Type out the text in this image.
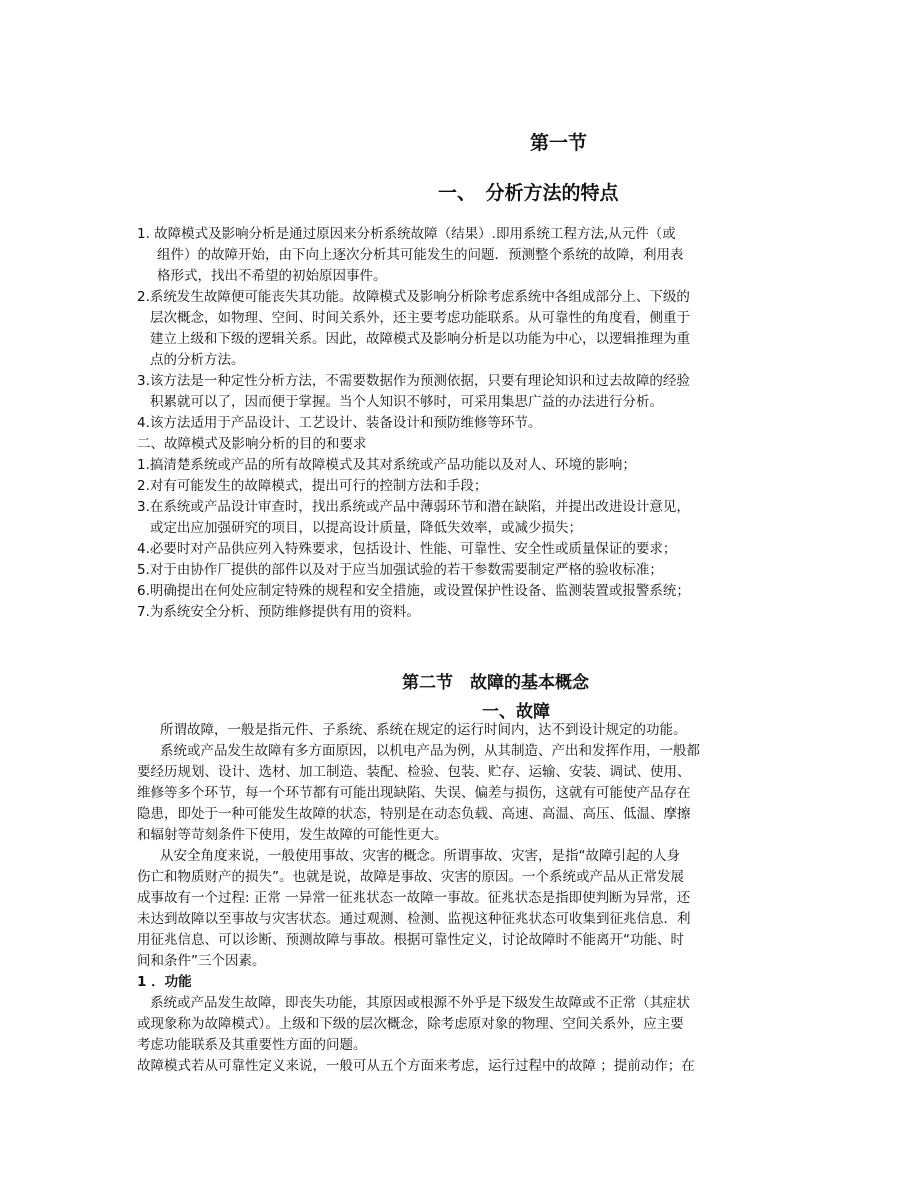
第一节
一、　分析方法的特点
1. 故障模式及影响分析是通过原因来分析系统故障（结果）.即用系统工程方法,从元件（或
组件）的故障开始，由下向上逐次分析其可能发生的问题．预测整个系统的故障，利用表
格形式，找出不希望的初始原因事件。
2.系统发生故障便可能丧失其功能。故障模式及影响分析除考虑系统中各组成部分上、下级的
层次概念，如物理、空间、时间关系外，还主要考虑功能联系。从可靠性的角度看，侧重于
建立上级和下级的逻辑关系。因此，故障模式及影响分析是以功能为中心，以逻辑推理为重
点的分析方法。
3.该方法是一种定性分析方法，不需要数据作为预测依据，只要有理论知识和过去故障的经验
积累就可以了，因而便于掌握。当个人知识不够时，可采用集思广益的办法进行分析。
4.该方法适用于产品设计、工艺设计、装备设计和预防维修等环节。
二、故障模式及影响分析的目的和要求
1.搞清楚系统或产品的所有故障模式及其对系统或产品功能以及对人、环境的影响；
2.对有可能发生的故障模式，提出可行的控制方法和手段；
3.在系统或产品设计审查时，找出系统或产品中薄弱环节和潜在缺陷，并提出改进设计意见，
或定出应加强研究的项目，以提高设计质量，降低失效率，或减少损失；
4.必要时对产品供应列入特殊要求，包括设计、性能、可靠性、安全性或质量保证的要求；
5.对于由协作厂提供的部件以及对于应当加强试验的若干参数需要制定严格的验收标准；
6.明确提出在何处应制定特殊的规程和安全措施，或设置保护性设备、监测装置或报警系统；
7.为系统安全分析、预防维修提供有用的资料。
第二节　故障的基本概念
一、故障
所谓故障，一般是指元件、子系统、系统在规定的运行时间内，达不到设计规定的功能。
系统或产品发生故障有多方面原因，以机电产品为例，从其制造、产出和发挥作用，一般都
要经历规划、设计、选材、加工制造、装配、检验、包装、贮存、运输、安装、调试、使用、
维修等多个环节，每一个环节都有可能出现缺陷、失误、偏差与损伤，这就有可能使产品存在
隐患，即处于一种可能发生故障的状态，特别是在动态负载、高速、高温、高压、低温、摩擦
和辐射等苛刻条件下使用，发生故障的可能性更大。
从安全角度来说，一般使用事故、灾害的概念。所谓事故、灾害，是指“故障引起的人身
伤亡和物质财产的损失”。也就是说，故障是事故、灾害的原因。一个系统或产品从正常发展
成事故有一个过程: 正常 一异常一征兆状态一故障一事故。征兆状态是指即使判断为异常，还
未达到故障以至事故与灾害状态。通过观测、检测、监视这种征兆状态可收集到征兆信息．利
用征兆信息、可以诊断、预测故障与事故。根据可靠性定义，讨论故障时不能离开“功能、时
间和条件”三个因素。
1 ．功能
系统或产品发生故障，即丧失功能，其原因或根源不外乎是下级发生故障或不正常（其症状
或现象称为故障模式）。上级和下级的层次概念，除考虑原对象的物理、空间关系外，应主要
考虑功能联系及其重要性方面的问题。
故障模式若从可靠性定义来说，一般可从五个方面来考虑，运行过程中的故障 ；提前动作；在
